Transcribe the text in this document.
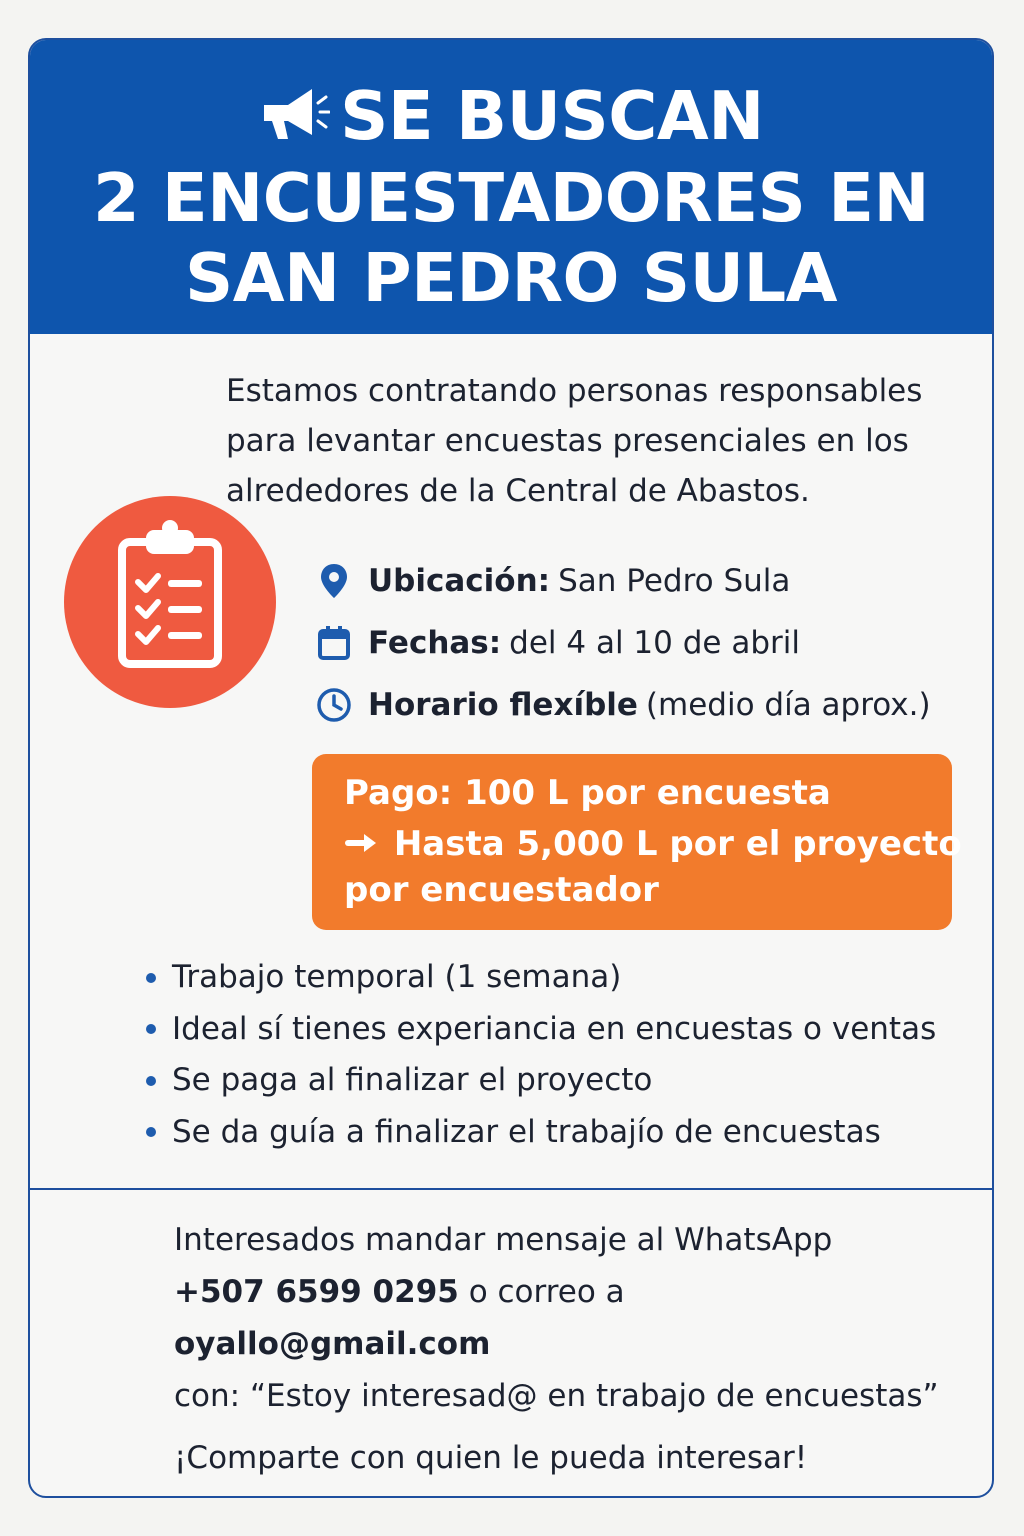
SE BUSCAN
2 ENCUESTADORES EN
SAN PEDRO SULA
Estamos contratando personas responsables
para levantar encuestas presenciales en los
alrededores de la Central de Abastos.
Ubicación: San Pedro Sula
Fechas: del 4 al 10 de abril
Horario flexíble (medio día aprox.)
Pago: 100 L por encuesta
Hasta 5,000 L por el proyecto
por encuestador
Trabajo temporal (1 semana)
Ideal sí tienes experiancia en encuestas o ventas
Se paga al finalizar el proyecto
Se da guía a finalizar el trabajío de encuestas
Interesados mandar mensaje al WhatsApp
+507 6599 0295 o correo a
oyallo@gmail.com
con: “Estoy interesad@ en trabajo de encuestas”
¡Comparte con quien le pueda interesar!
